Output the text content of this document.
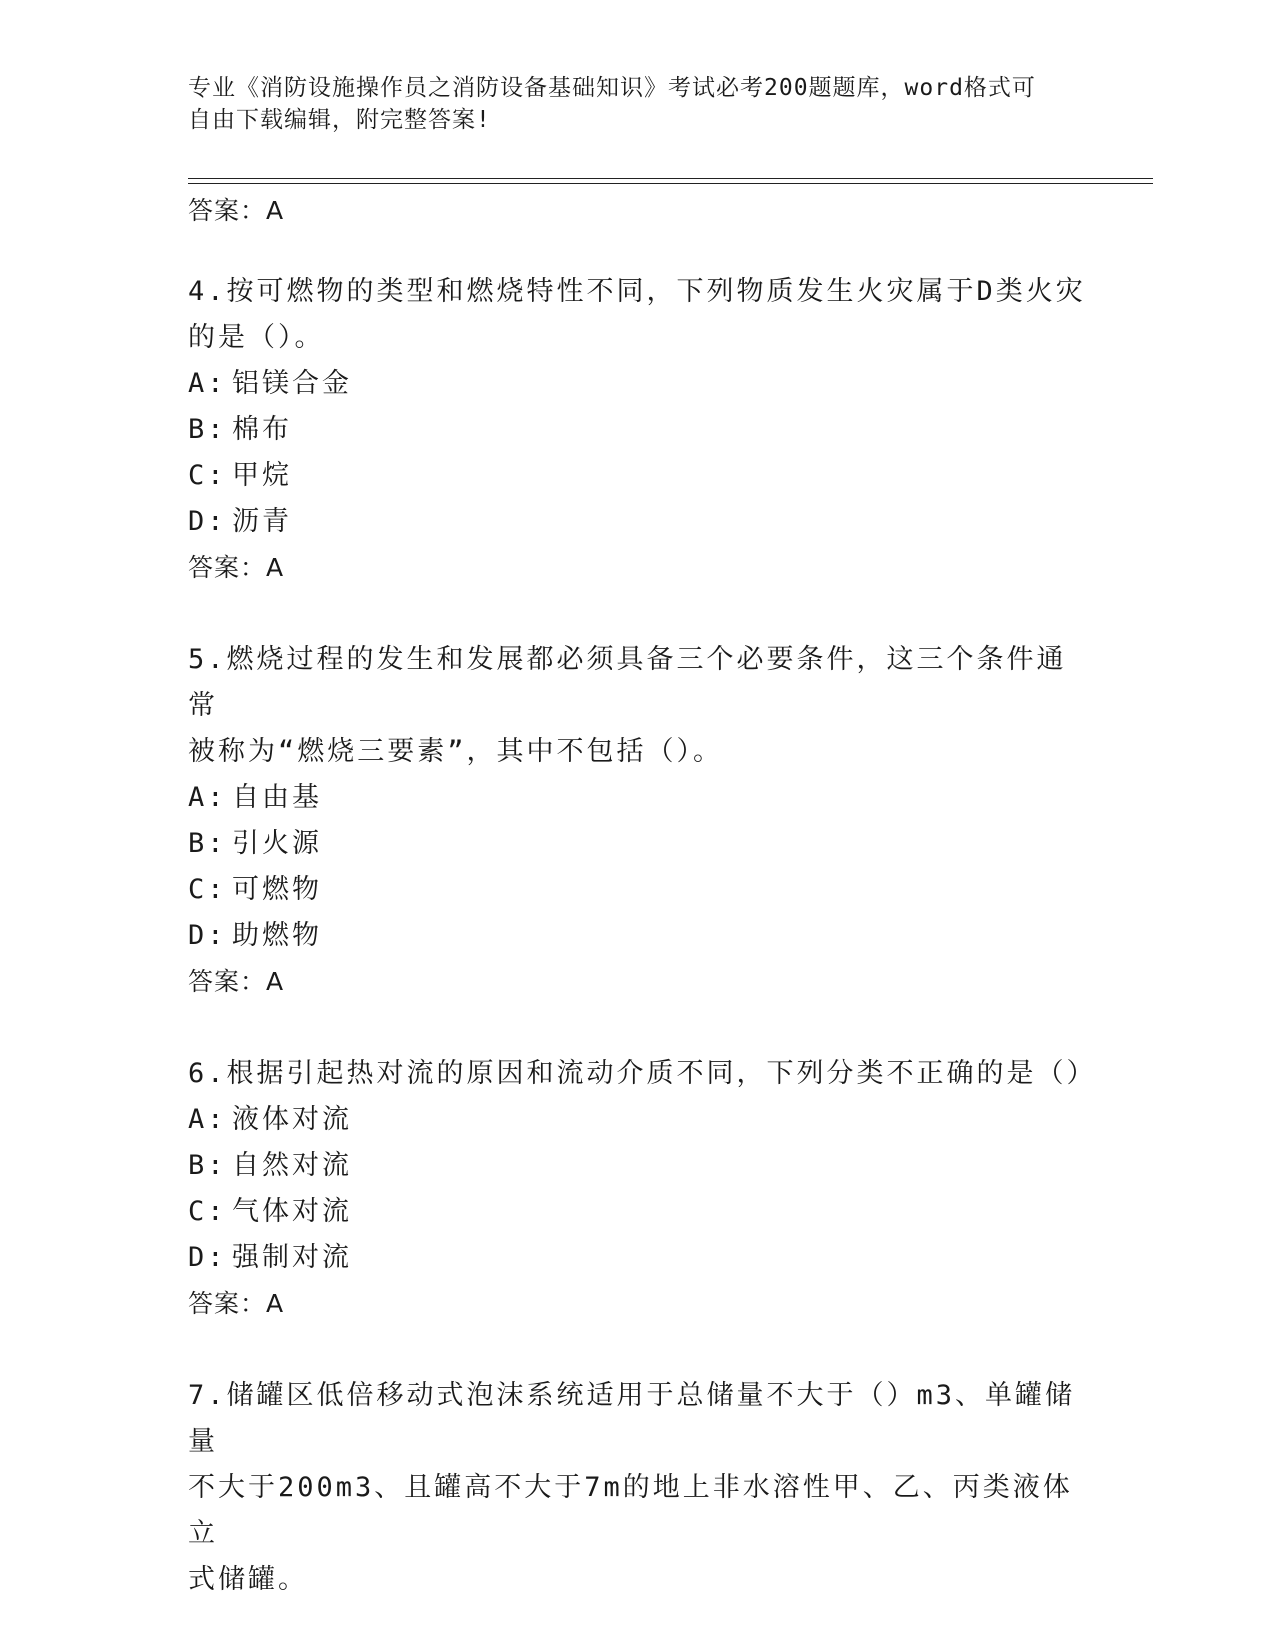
专业《消防设施操作员之消防设备基础知识》考试必考200题题库，word格式可
自由下载编辑，附完整答案!
答案：A
4.按可燃物的类型和燃烧特性不同，下列物质发生火灾属于D类火灾
的是（）。
A: 铝镁合金
B: 棉布
C: 甲烷
D: 沥青
答案：A
5.燃烧过程的发生和发展都必须具备三个必要条件，这三个条件通常
被称为“燃烧三要素”，其中不包括（）。
A: 自由基
B: 引火源
C: 可燃物
D: 助燃物
答案：A
6.根据引起热对流的原因和流动介质不同，下列分类不正确的是（）
A: 液体对流
B: 自然对流
C: 气体对流
D: 强制对流
答案：A
7.储罐区低倍移动式泡沫系统适用于总储量不大于（）m3、单罐储量
不大于200m3、且罐高不大于7m的地上非水溶性甲、乙、丙类液体立
式储罐。
